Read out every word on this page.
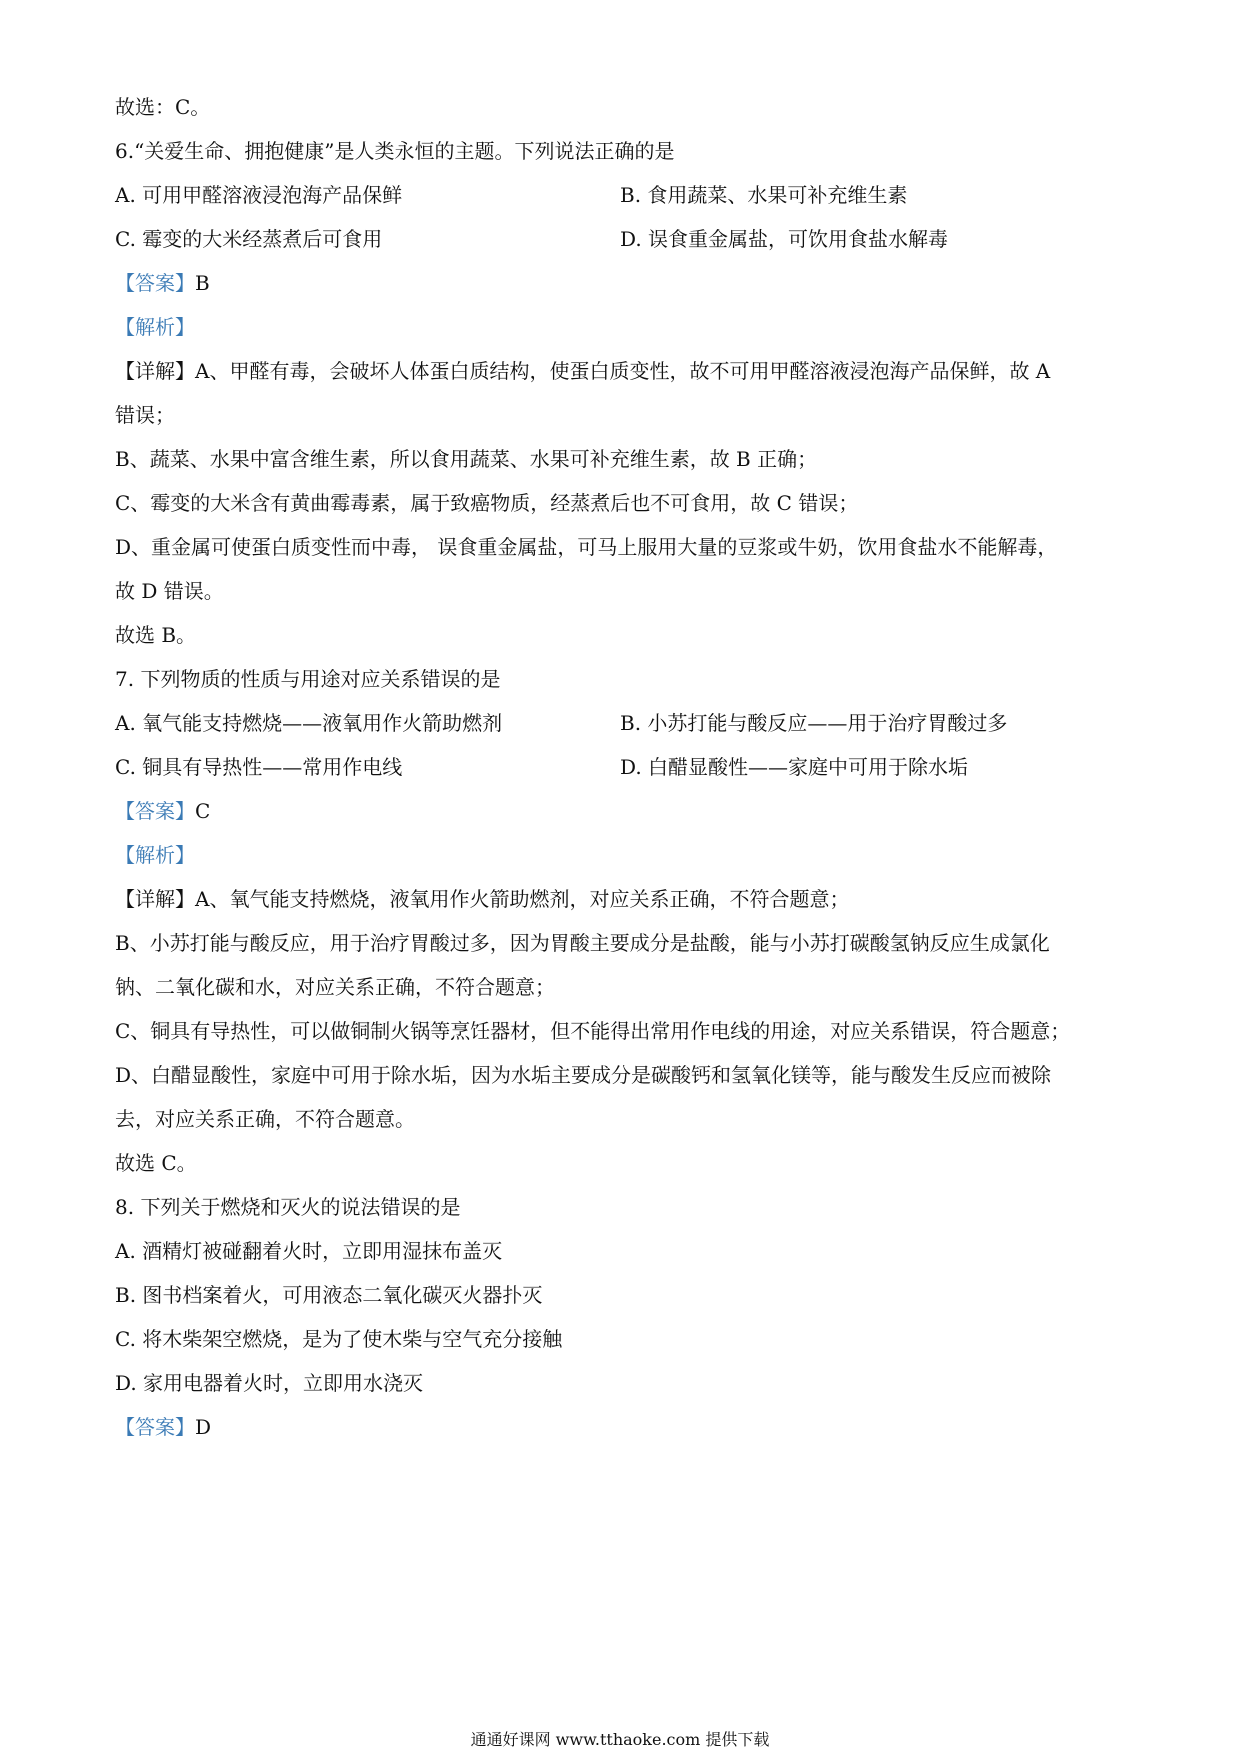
故选：C。
6.“关爱生命、拥抱健康”是人类永恒的主题。下列说法正确的是
A. 可用甲醛溶液浸泡海产品保鲜	B. 食用蔬菜、水果可补充维生素
C. 霉变的大米经蒸煮后可食用	D. 误食重金属盐，可饮用食盐水解毒
【答案】B
【解析】
【详解】A、甲醛有毒，会破坏人体蛋白质结构，使蛋白质变性，故不可用甲醛溶液浸泡海产品保鲜，故 A
错误；
B、蔬菜、水果中富含维生素，所以食用蔬菜、水果可补充维生素，故 B 正确；
C、霉变的大米含有黄曲霉毒素，属于致癌物质，经蒸煮后也不可食用，故 C 错误；
D、重金属可使蛋白质变性而中毒， 误食重金属盐，可马上服用大量的豆浆或牛奶，饮用食盐水不能解毒，
故 D 错误。
故选 B。
7. 下列物质的性质与用途对应关系错误的是
A. 氧气能支持燃烧——液氧用作火箭助燃剂	B. 小苏打能与酸反应——用于治疗胃酸过多
C. 铜具有导热性——常用作电线	D. 白醋显酸性——家庭中可用于除水垢
【答案】C
【解析】
【详解】A、氧气能支持燃烧，液氧用作火箭助燃剂，对应关系正确，不符合题意；
B、小苏打能与酸反应，用于治疗胃酸过多，因为胃酸主要成分是盐酸，能与小苏打碳酸氢钠反应生成氯化
钠、二氧化碳和水，对应关系正确，不符合题意；
C、铜具有导热性，可以做铜制火锅等烹饪器材，但不能得出常用作电线的用途，对应关系错误，符合题意；
D、白醋显酸性，家庭中可用于除水垢，因为水垢主要成分是碳酸钙和氢氧化镁等，能与酸发生反应而被除
去，对应关系正确，不符合题意。
故选 C。
8. 下列关于燃烧和灭火的说法错误的是
A. 酒精灯被碰翻着火时，立即用湿抹布盖灭
B. 图书档案着火，可用液态二氧化碳灭火器扑灭
C. 将木柴架空燃烧，是为了使木柴与空气充分接触
D. 家用电器着火时，立即用水浇灭
【答案】D
通通好课网 www.tthaoke.com 提供下载
